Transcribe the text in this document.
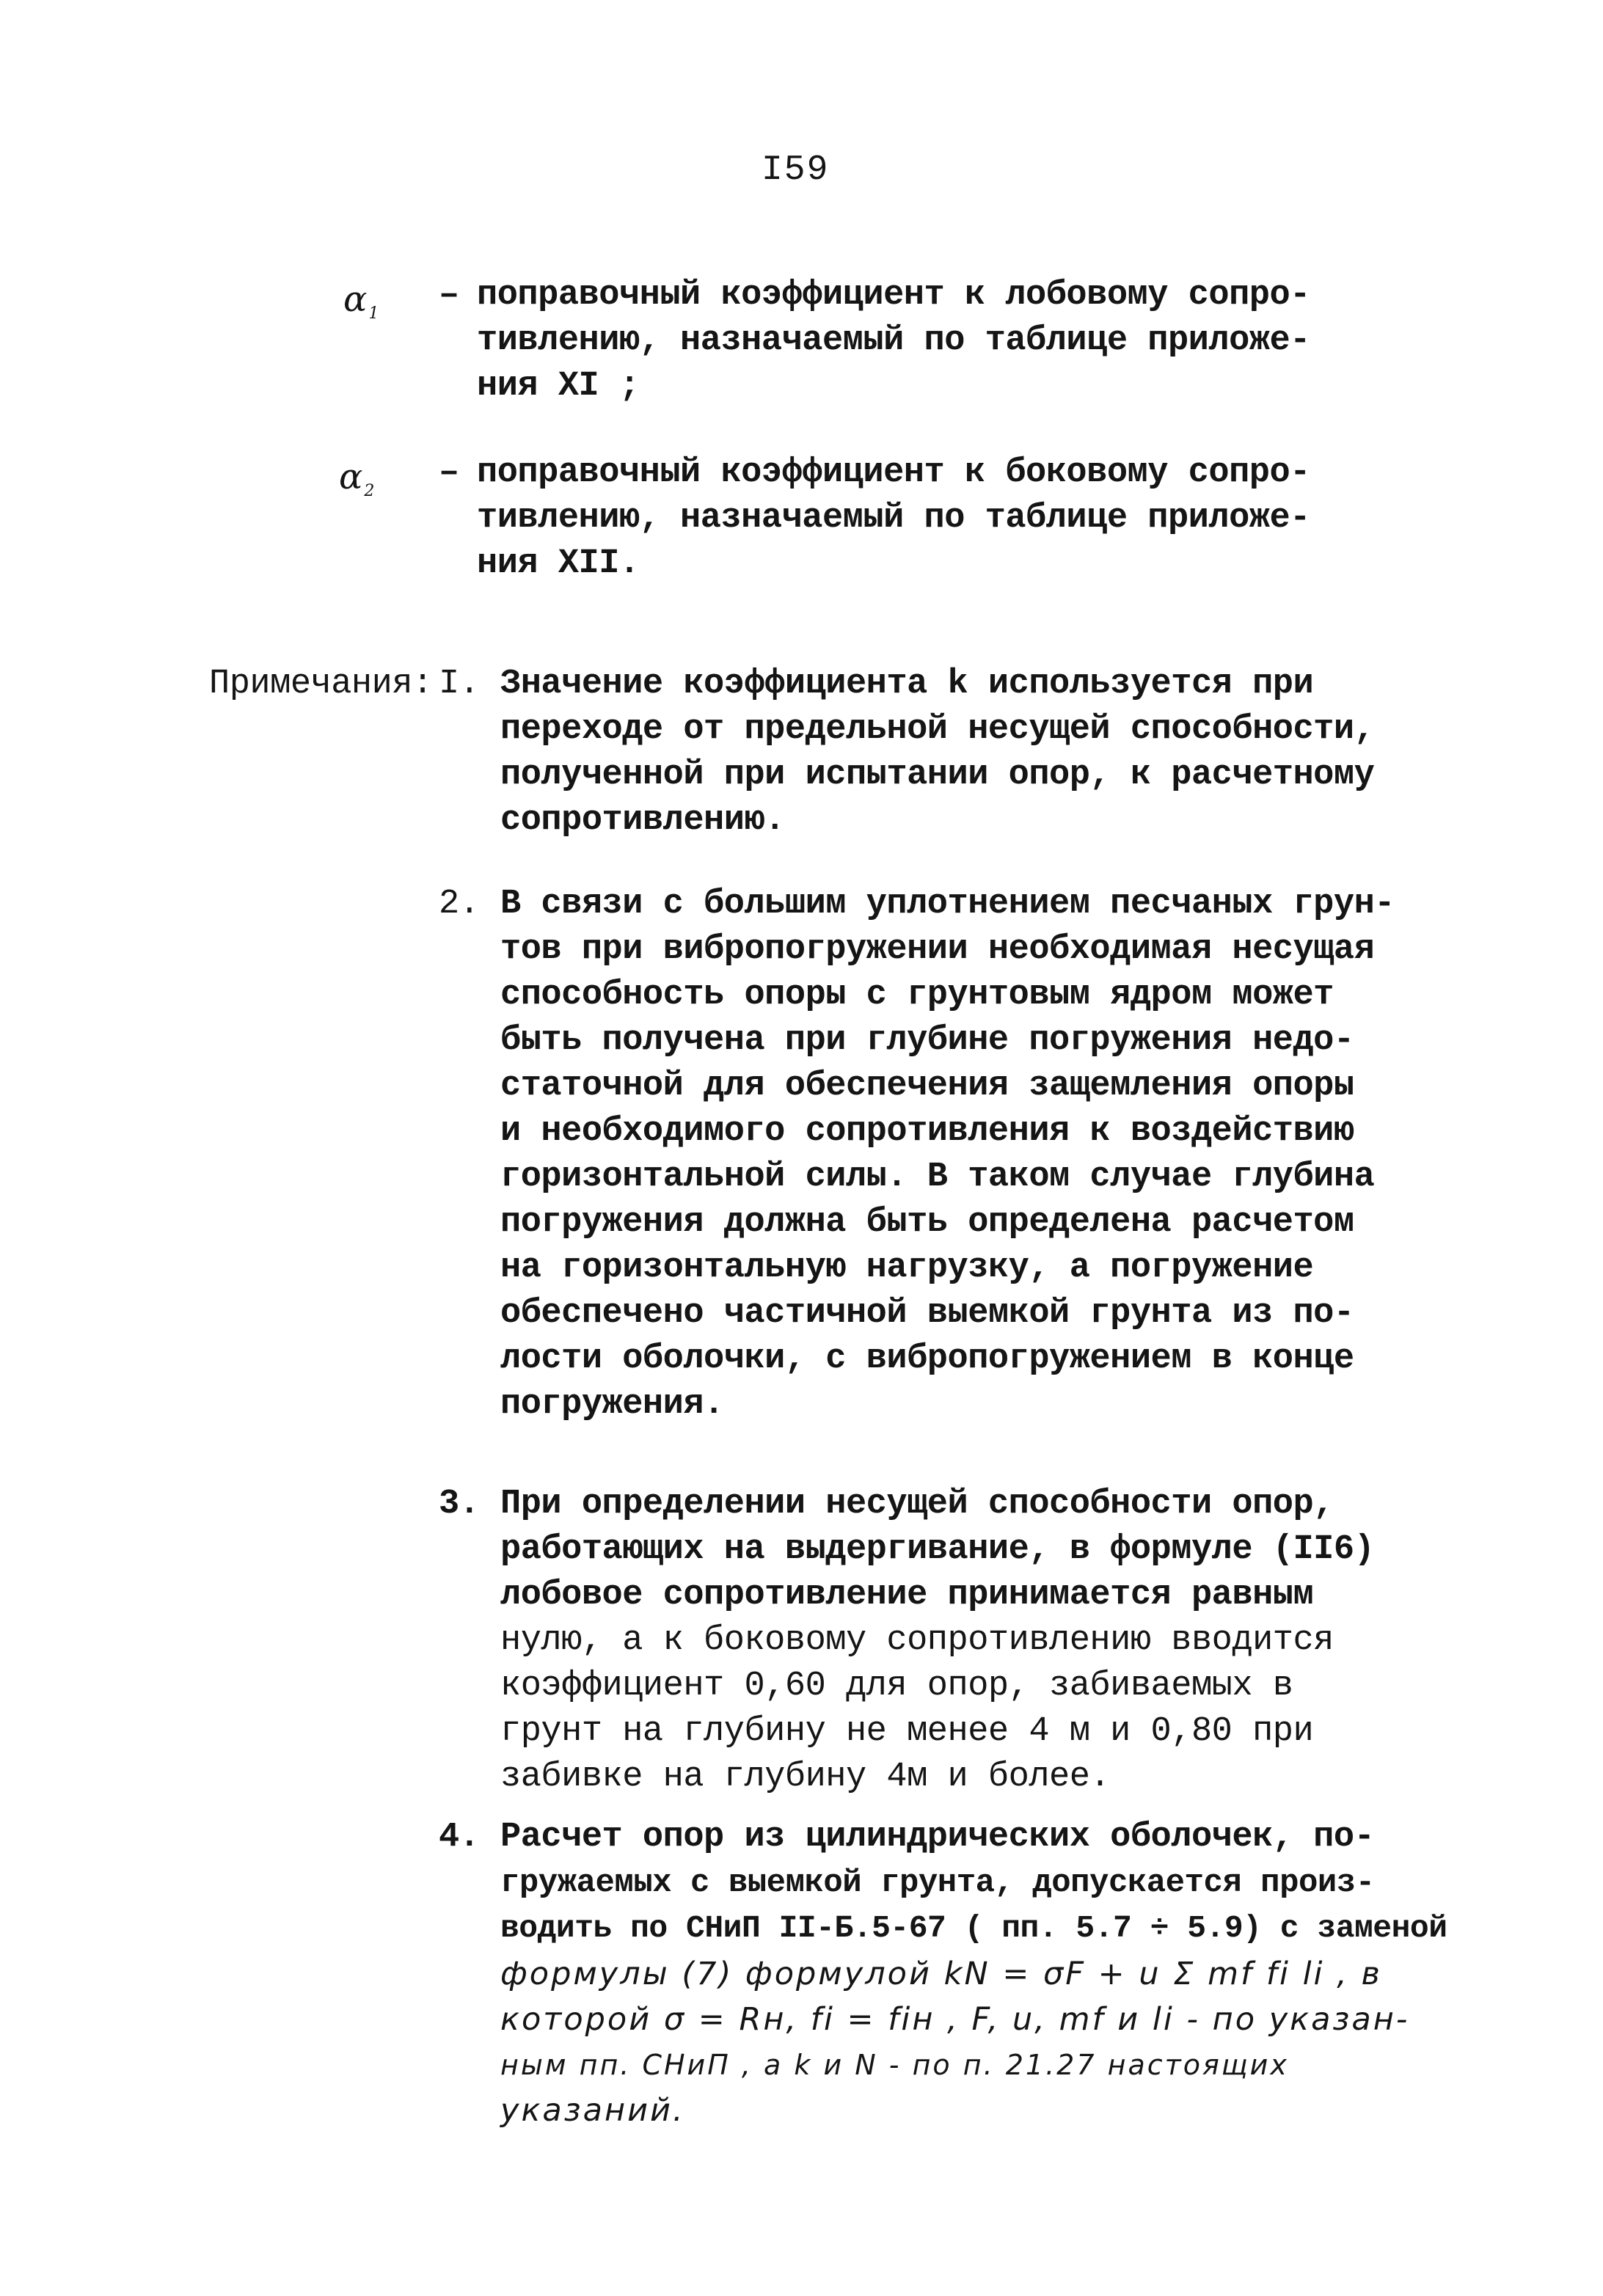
I59
$\alpha_1$ – поправочный коэффициент к лобовому сопро-
тивлению, назначаемый по таблице приложе-
ния XI ;
$\alpha_2$ – поправочный коэффициент к боковому сопро-
тивлению, назначаемый по таблице приложе-
ния XII.
Примечания: I. Значение коэффициента k используется при
переходе от предельной несущей способности,
полученной при испытании опор, к расчетному
сопротивлению.
2. В связи с большим уплотнением песчаных грун-
тов при вибропогружении необходимая несущая
способность опоры с грунтовым ядром может
быть получена при глубине погружения недо-
статочной для обеспечения защемления опоры
и необходимого сопротивления к воздействию
горизонтальной силы. В таком случае глубина
погружения должна быть определена расчетом
на горизонтальную нагрузку, а погружение
обеспечено частичной выемкой грунта из по-
лости оболочки, с вибропогружением в конце
погружения.
3. При определении несущей способности опор,
работающих на выдергивание, в формуле (II6)
лобовое сопротивление принимается равным
нулю, а к боковому сопротивлению вводится
коэффициент 0,60 для опор, забиваемых в
грунт на глубину не менее 4 м и 0,80 при
забивке на глубину 4м и более.
4. Расчет опор из цилиндрических оболочек, по-
гружаемых с выемкой грунта, допускается произ-
водить по СНиП II-Б.5-67 ( пп. 5.7 ÷ 5.9) с заменой
формулы (7) формулой kN = σF + u Σ mf fi li , в
которой σ = Rн, fi = fiн , F, u, mf и li - по указан-
ным пп. СНиП , а k и N - по п. 21.27 настоящих
указаний.
